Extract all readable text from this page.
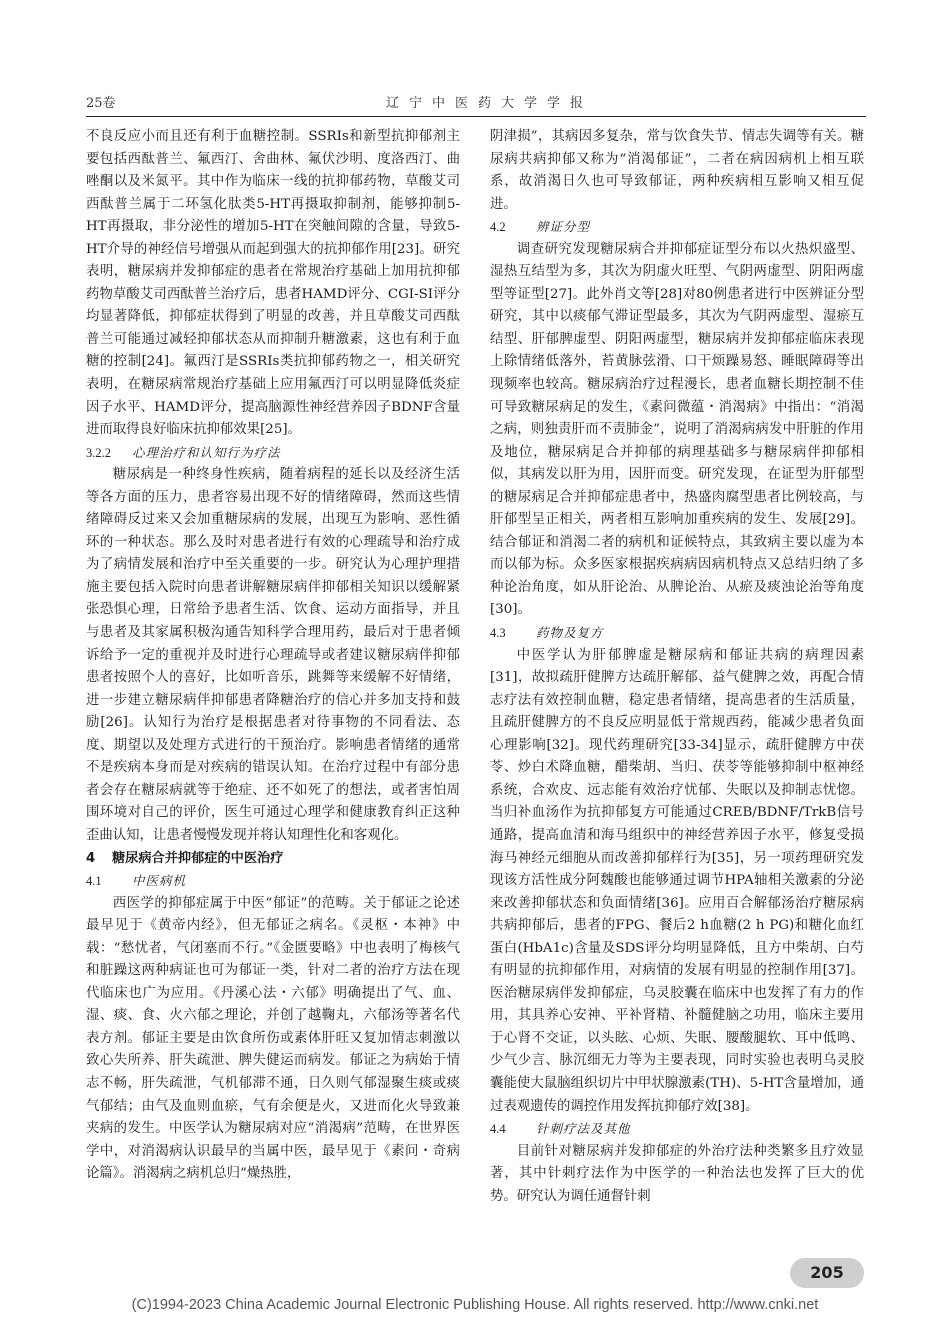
25卷	辽宁中医药大学学报

不良反应小而且还有利于血糖控制。SSRIs和新型抗抑郁剂主要包括西酞普兰、氟西汀、舍曲林、氟伏沙明、度洛西汀、曲唑酮以及米氮平。其中作为临床一线的抗抑郁药物，草酸艾司西酞普兰属于二环氢化肽类5-HT再摄取抑制剂，能够抑制5-HT再摄取，非分泌性的增加5-HT在突触间隙的含量，导致5-HT介导的神经信号增强从而起到强大的抗抑郁作用[23]。研究表明，糖尿病并发抑郁症的患者在常规治疗基础上加用抗抑郁药物草酸艾司西酞普兰治疗后，患者HAMD评分、CGI-SI评分均显著降低，抑郁症状得到了明显的改善，并且草酸艾司西酞普兰可能通过减轻抑郁状态从而抑制升糖激素，这也有利于血糖的控制[24]。氟西汀是SSRIs类抗抑郁药物之一，相关研究表明，在糖尿病常规治疗基础上应用氟西汀可以明显降低炎症因子水平、HAMD评分，提高脑源性神经营养因子BDNF含量进而取得良好临床抗抑郁效果[25]。

3.2.2 心理治疗和认知行为疗法

糖尿病是一种终身性疾病，随着病程的延长以及经济生活等各方面的压力，患者容易出现不好的情绪障碍，然而这些情绪障碍反过来又会加重糖尿病的发展，出现互为影响、恶性循环的一种状态。那么及时对患者进行有效的心理疏导和治疗成为了病情发展和治疗中至关重要的一步。研究认为心理护理措施主要包括入院时向患者讲解糖尿病伴抑郁相关知识以缓解紧张恐惧心理，日常给予患者生活、饮食、运动方面指导，并且与患者及其家属积极沟通告知科学合理用药，最后对于患者倾诉给予一定的重视并及时进行心理疏导或者建议糖尿病伴抑郁患者按照个人的喜好，比如听音乐，跳舞等来缓解不好情绪，进一步建立糖尿病伴抑郁患者降糖治疗的信心并多加支持和鼓励[26]。认知行为治疗是根据患者对待事物的不同看法、态度、期望以及处理方式进行的干预治疗。影响患者情绪的通常不是疾病本身而是对疾病的错误认知。在治疗过程中有部分患者会存在糖尿病就等于绝症、还不如死了的想法，或者害怕周围环境对自己的评价，医生可通过心理学和健康教育纠正这种歪曲认知，让患者慢慢发现并将认知理性化和客观化。

4 糖尿病合并抑郁症的中医治疗
4.1 中医病机

西医学的抑郁症属于中医“郁证”的范畴。关于郁证之论述最早见于《黄帝内经》，但无郁证之病名。《灵枢・本神》中载：“愁忧者，气闭塞而不行。”《金匮要略》中也表明了梅核气和脏躁这两种病证也可为郁证一类，针对二者的治疗方法在现代临床也广为应用。《丹溪心法・六郁》明确提出了气、血、湿、痰、食、火六郁之理论，并创了越鞠丸，六郁汤等著名代表方剂。郁证主要是由饮食所伤或素体肝旺又复加情志刺激以致心失所养、肝失疏泄、脾失健运而病发。郁证之为病始于情志不畅，肝失疏泄，气机郁滞不通，日久则气郁湿聚生痰或痰气郁结；由气及血则血瘀，气有余便是火，又进而化火导致兼夹病的发生。中医学认为糖尿病对应“消渴病”范畴，在世界医学中，对消渴病认识最早的当属中医，最早见于《素问・奇病论篇》。消渴病之病机总归“燥热胜，

阴津损”，其病因多复杂，常与饮食失节、情志失调等有关。糖尿病共病抑郁又称为“消渴郁证”，二者在病因病机上相互联系，故消渴日久也可导致郁证，两种疾病相互影响又相互促进。

4.2 辨证分型

调查研究发现糖尿病合并抑郁症证型分布以火热炽盛型、湿热互结型为多，其次为阴虚火旺型、气阴两虚型、阴阳两虚型等证型[27]。此外肖文等[28]对80例患者进行中医辨证分型研究，其中以痰郁气滞证型最多，其次为气阴两虚型、湿瘀互结型、肝郁脾虚型、阴阳两虚型，糖尿病并发抑郁症临床表现上除情绪低落外，苔黄脉弦滑、口干烦躁易怒、睡眠障碍等出现频率也较高。糖尿病治疗过程漫长，患者血糖长期控制不佳可导致糖尿病足的发生，《素问微蕴・消渴病》中指出：“消渴之病，则独责肝而不责肺金”，说明了消渴病病发中肝脏的作用及地位，糖尿病足合并抑郁的病理基础多与糖尿病伴抑郁相似，其病发以肝为用，因肝而变。研究发现，在证型为肝郁型的糖尿病足合并抑郁症患者中，热盛肉腐型患者比例较高，与肝郁型呈正相关，两者相互影响加重疾病的发生、发展[29]。结合郁证和消渴二者的病机和证候特点，其致病主要以虚为本而以郁为标。众多医家根据疾病病因病机特点又总结归纳了多种论治角度，如从肝论治、从脾论治、从瘀及痰浊论治等角度[30]。

4.3 药物及复方

中医学认为肝郁脾虚是糖尿病和郁证共病的病理因素[31]，故拟疏肝健脾方达疏肝解郁、益气健脾之效，再配合情志疗法有效控制血糖，稳定患者情绪，提高患者的生活质量，且疏肝健脾方的不良反应明显低于常规西药，能减少患者负面心理影响[32]。现代药理研究[33-34]显示，疏肝健脾方中茯苓、炒白术降血糖，醋柴胡、当归、茯苓等能够抑制中枢神经系统，合欢皮、远志能有效治疗忧郁、失眠以及抑制志忧惚。当归补血汤作为抗抑郁复方可能通过CREB/BDNF/TrkB信号通路，提高血清和海马组织中的神经营养因子水平，修复受损海马神经元细胞从而改善抑郁样行为[35]，另一项药理研究发现该方活性成分阿魏酸也能够通过调节HPA轴相关激素的分泌来改善抑郁状态和负面情绪[36]。应用百合解郁汤治疗糖尿病共病抑郁后，患者的FPG、餐后2 h血糖(2 h PG)和糖化血红蛋白(HbA1c)含量及SDS评分均明显降低，且方中柴胡、白芍有明显的抗抑郁作用，对病情的发展有明显的控制作用[37]。医治糖尿病伴发抑郁症，乌灵胶囊在临床中也发挥了有力的作用，其具养心安神、平补肾精、补髓健脑之功用，临床主要用于心肾不交证，以头眩、心烦、失眠、腰酸腿软、耳中低鸣、少气少言、脉沉细无力等为主要表现，同时实验也表明乌灵胶囊能使大鼠脑组织切片中甲状腺激素(TH)、5-HT含量增加，通过表观遗传的调控作用发挥抗抑郁疗效[38]。

4.4 针刺疗法及其他

目前针对糖尿病并发抑郁症的外治疗法种类繁多且疗效显著，其中针刺疗法作为中医学的一种治法也发挥了巨大的优势。研究认为调任通督针刺

205
(C)1994-2023 China Academic Journal Electronic Publishing House. All rights reserved. http://www.cnki.net
